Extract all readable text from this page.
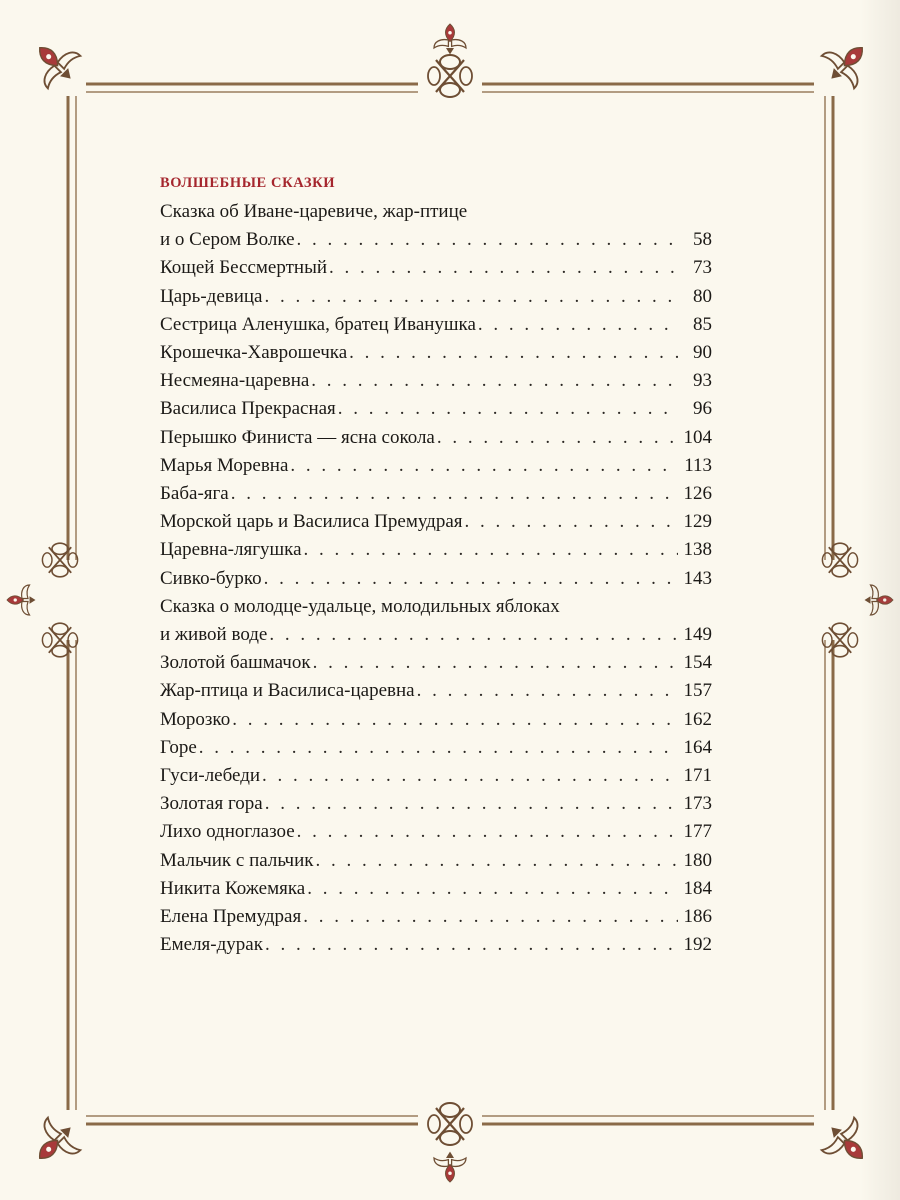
ВОЛШЕБНЫЕ СКАЗКИ
Сказка об Иване-царевиче, жар-птице
и о Сером Волке . . .	58
Кощей Бессмертный . . .	73
Царь-девица . . .	80
Сестрица Аленушка, братец Иванушка . . .	85
Крошечка-Хаврошечка . . .	90
Несмеяна-царевна . . .	93
Василиса Прекрасная . . .	96
Перышко Финиста — ясна сокола . . .	104
Марья Моревна . . .	113
Баба-яга . . .	126
Морской царь и Василиса Премудрая . . .	129
Царевна-лягушка . . .	138
Сивко-бурко . . .	143
Сказка о молодце-удальце, молодильных яблоках
и живой воде . . .	149
Золотой башмачок . . .	154
Жар-птица и Василиса-царевна . . .	157
Морозко . . .	162
Горе . . .	164
Гуси-лебеди . . .	171
Золотая гора . . .	173
Лихо одноглазое . . .	177
Мальчик с пальчик . . .	180
Никита Кожемяка . . .	184
Елена Премудрая . . .	186
Емеля-дурак . . .	192
